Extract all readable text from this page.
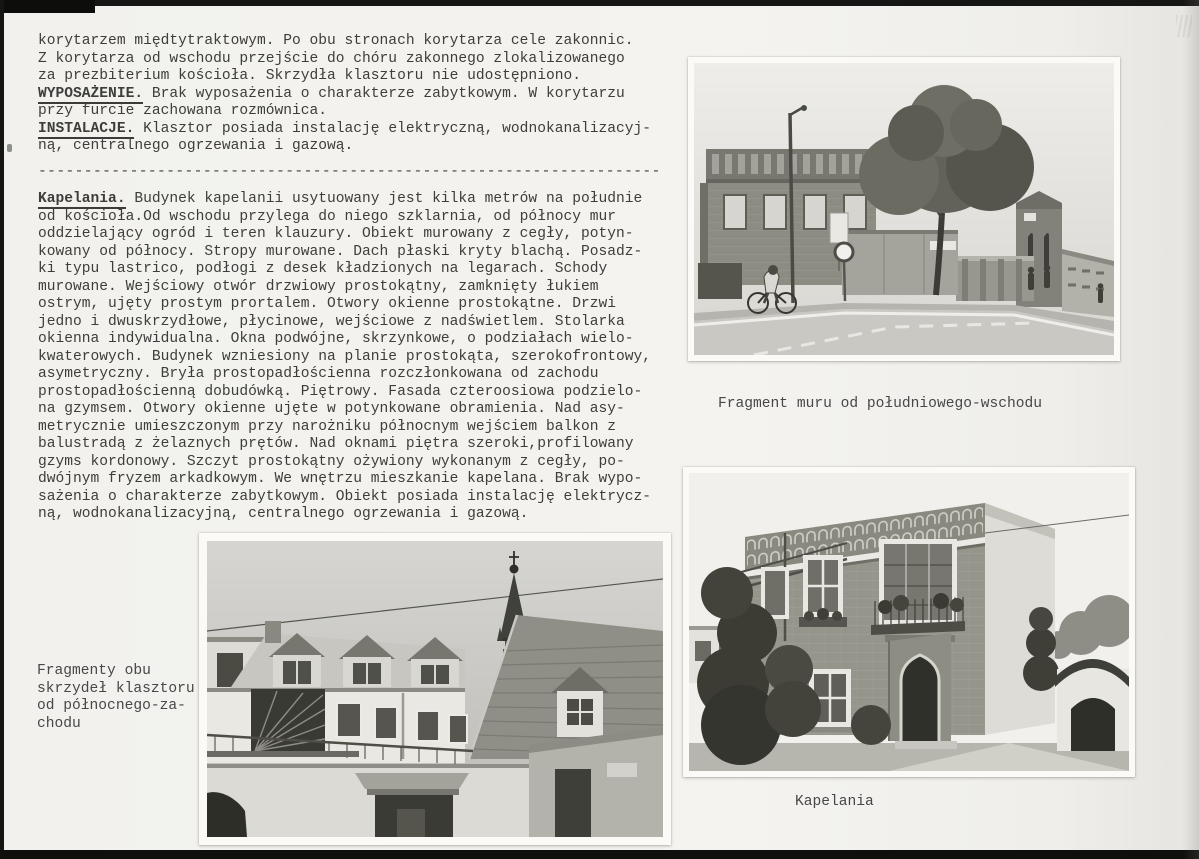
korytarzem międtytraktowym. Po obu stronach korytarza cele zakonnic.
Z korytarza od wschodu przejście do chóru zakonnego zlokalizowanego
za prezbiterium kościoła. Skrzydła klasztoru nie udostępniono.
WYPOSAŻENIE. Brak wyposażenia o charakterze zabytkowym. W korytarzu
przy furcie zachowana rozmównica.
INSTALACJE. Klasztor posiada instalację elektryczną, wodnokanalizacyj-
ną, centralnego ogrzewania i gazową.
--------------------------------------------------------------------
Kapelania. Budynek kapelanii usytuowany jest kilka metrów na południe
od kościoła.Od wschodu przylega do niego szklarnia, od północy mur
oddzielający ogród i teren klauzury. Obiekt murowany z cegły, potyn-
kowany od północy. Stropy murowane. Dach płaski kryty blachą. Posadz-
ki typu lastrico, podłogi z desek kładzionych na legarach. Schody
murowane. Wejściowy otwór drzwiowy prostokątny, zamknięty łukiem
ostrym, ujęty prostym prortalem. Otwory okienne prostokątne. Drzwi
jedno i dwuskrzydłowe, płycinowe, wejściowe z nadświetlem. Stolarka
okienna indywidualna. Okna podwójne, skrzynkowe, o podziałach wielo-
kwaterowych. Budynek wzniesiony na planie prostokąta, szerokofrontowy,
asymetryczny. Bryła prostopadłościenna rozczłonkowana od zachodu
prostopadłościenną dobudówką. Piętrowy. Fasada czteroosiowa podzielo-
na gzymsem. Otwory okienne ujęte w potynkowane obramienia. Nad asy-
metrycznie umieszczonym przy narożniku północnym wejściem balkon z
balustradą z żelaznych prętów. Nad oknami piętra szeroki,profilowany
gzyms kordonowy. Szczyt prostokątny ożywiony wykonanym z cegły, po-
dwójnym fryzem arkadkowym. We wnętrzu mieszkanie kapelana. Brak wypo-
sażenia o charakterze zabytkowym. Obiekt posiada instalację elektrycz-
ną, wodnokanalizacyjną, centralnego ogrzewania i gazową.
Fragment muru od południowego-wschodu
Fragmenty obu
skrzydeł klasztoru
od północnego-za-
chodu
Kapelania
